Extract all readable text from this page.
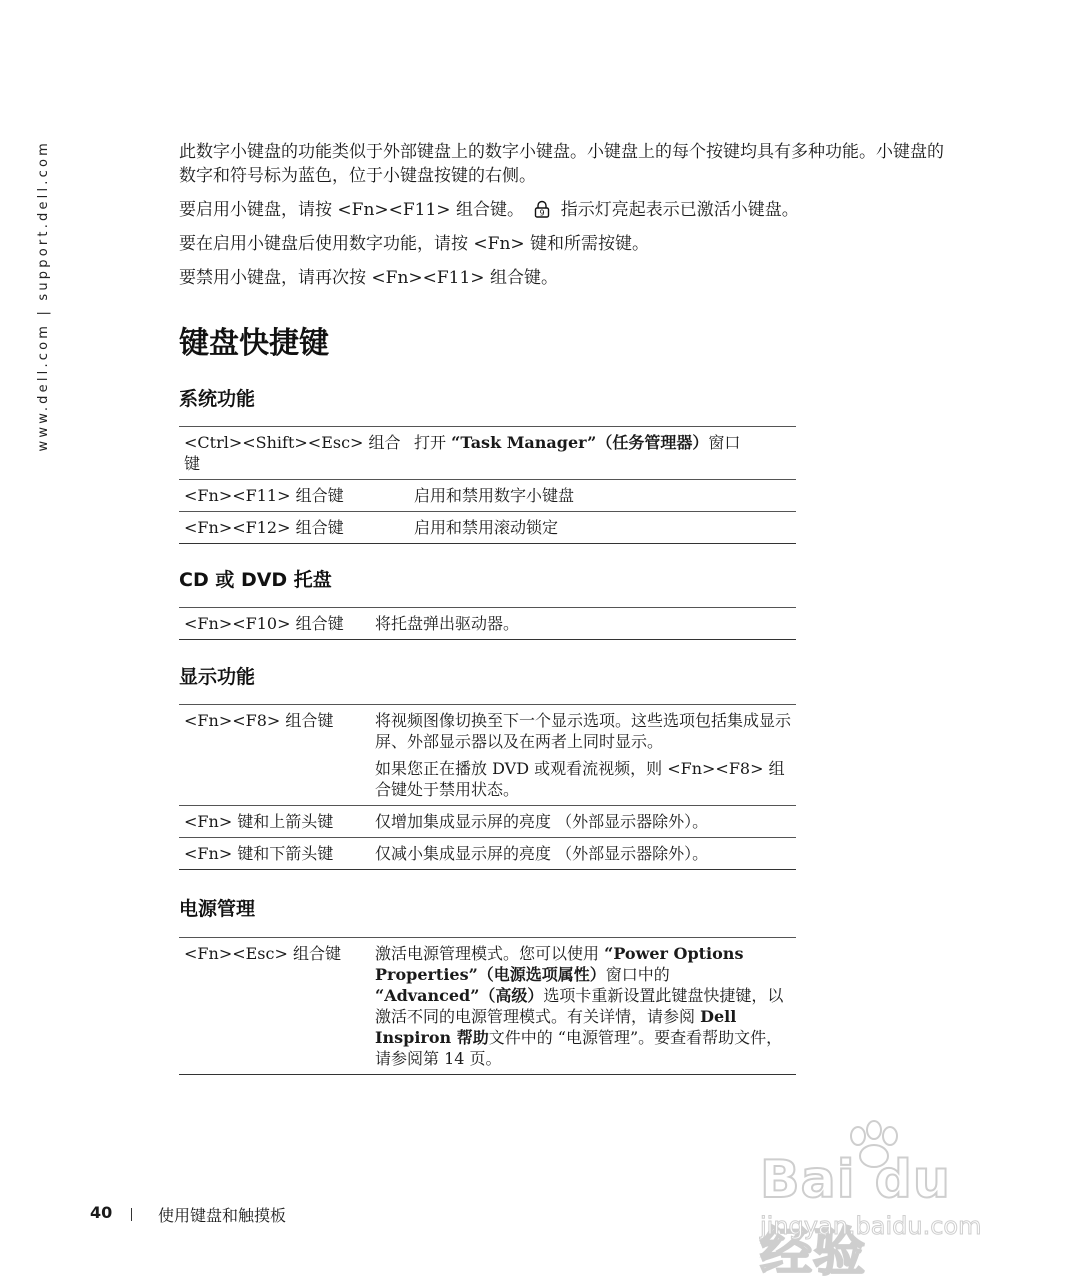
www.dell.com | support.dell.com	此数字小键盘的功能类似于外部键盘上的数字小键盘。小键盘上的每个按键均具有多种功能。小键盘的数字和符号标为蓝色，位于小键盘按键的右侧。

要启用小键盘，请按 <Fn><F11> 组合键。 9 指示灯亮起表示已激活小键盘。

要在启用小键盘后使用数字功能，请按 <Fn> 键和所需按键。

要禁用小键盘，请再次按 <Fn><F11> 组合键。

键盘快捷键
系统功能
<Ctrl><Shift><Esc> 组合键	打开 “Task Manager”（任务管理器）窗口
<Fn><F11> 组合键	启用和禁用数字小键盘
<Fn><F12> 组合键	启用和禁用滚动锁定
CD 或 DVD 托盘
<Fn><F10> 组合键	将托盘弹出驱动器。
显示功能
<Fn><F8> 组合键	将视频图像切换至下一个显示选项。这些选项包括集成显示屏、外部显示器以及在两者上同时显示。

如果您正在播放 DVD 或观看流视频，则 <Fn><F8> 组合键处于禁用状态。

<Fn> 键和上箭头键	仅增加集成显示屏的亮度 （外部显示器除外）。
<Fn> 键和下箭头键	仅减小集成显示屏的亮度 （外部显示器除外）。
电源管理
<Fn><Esc> 组合键	激活电源管理模式。您可以使用 “Power Options Properties”（电源选项属性）窗口中的 “Advanced”（高级）选项卡重新设置此键盘快捷键，以激活不同的电源管理模式。有关详情，请参阅 Dell Inspiron 帮助文件中的 “电源管理”。要查看帮助文件，请参阅第 14 页。
40	使用键盘和触摸板
Bai du 经验
jingyan.baidu.com
